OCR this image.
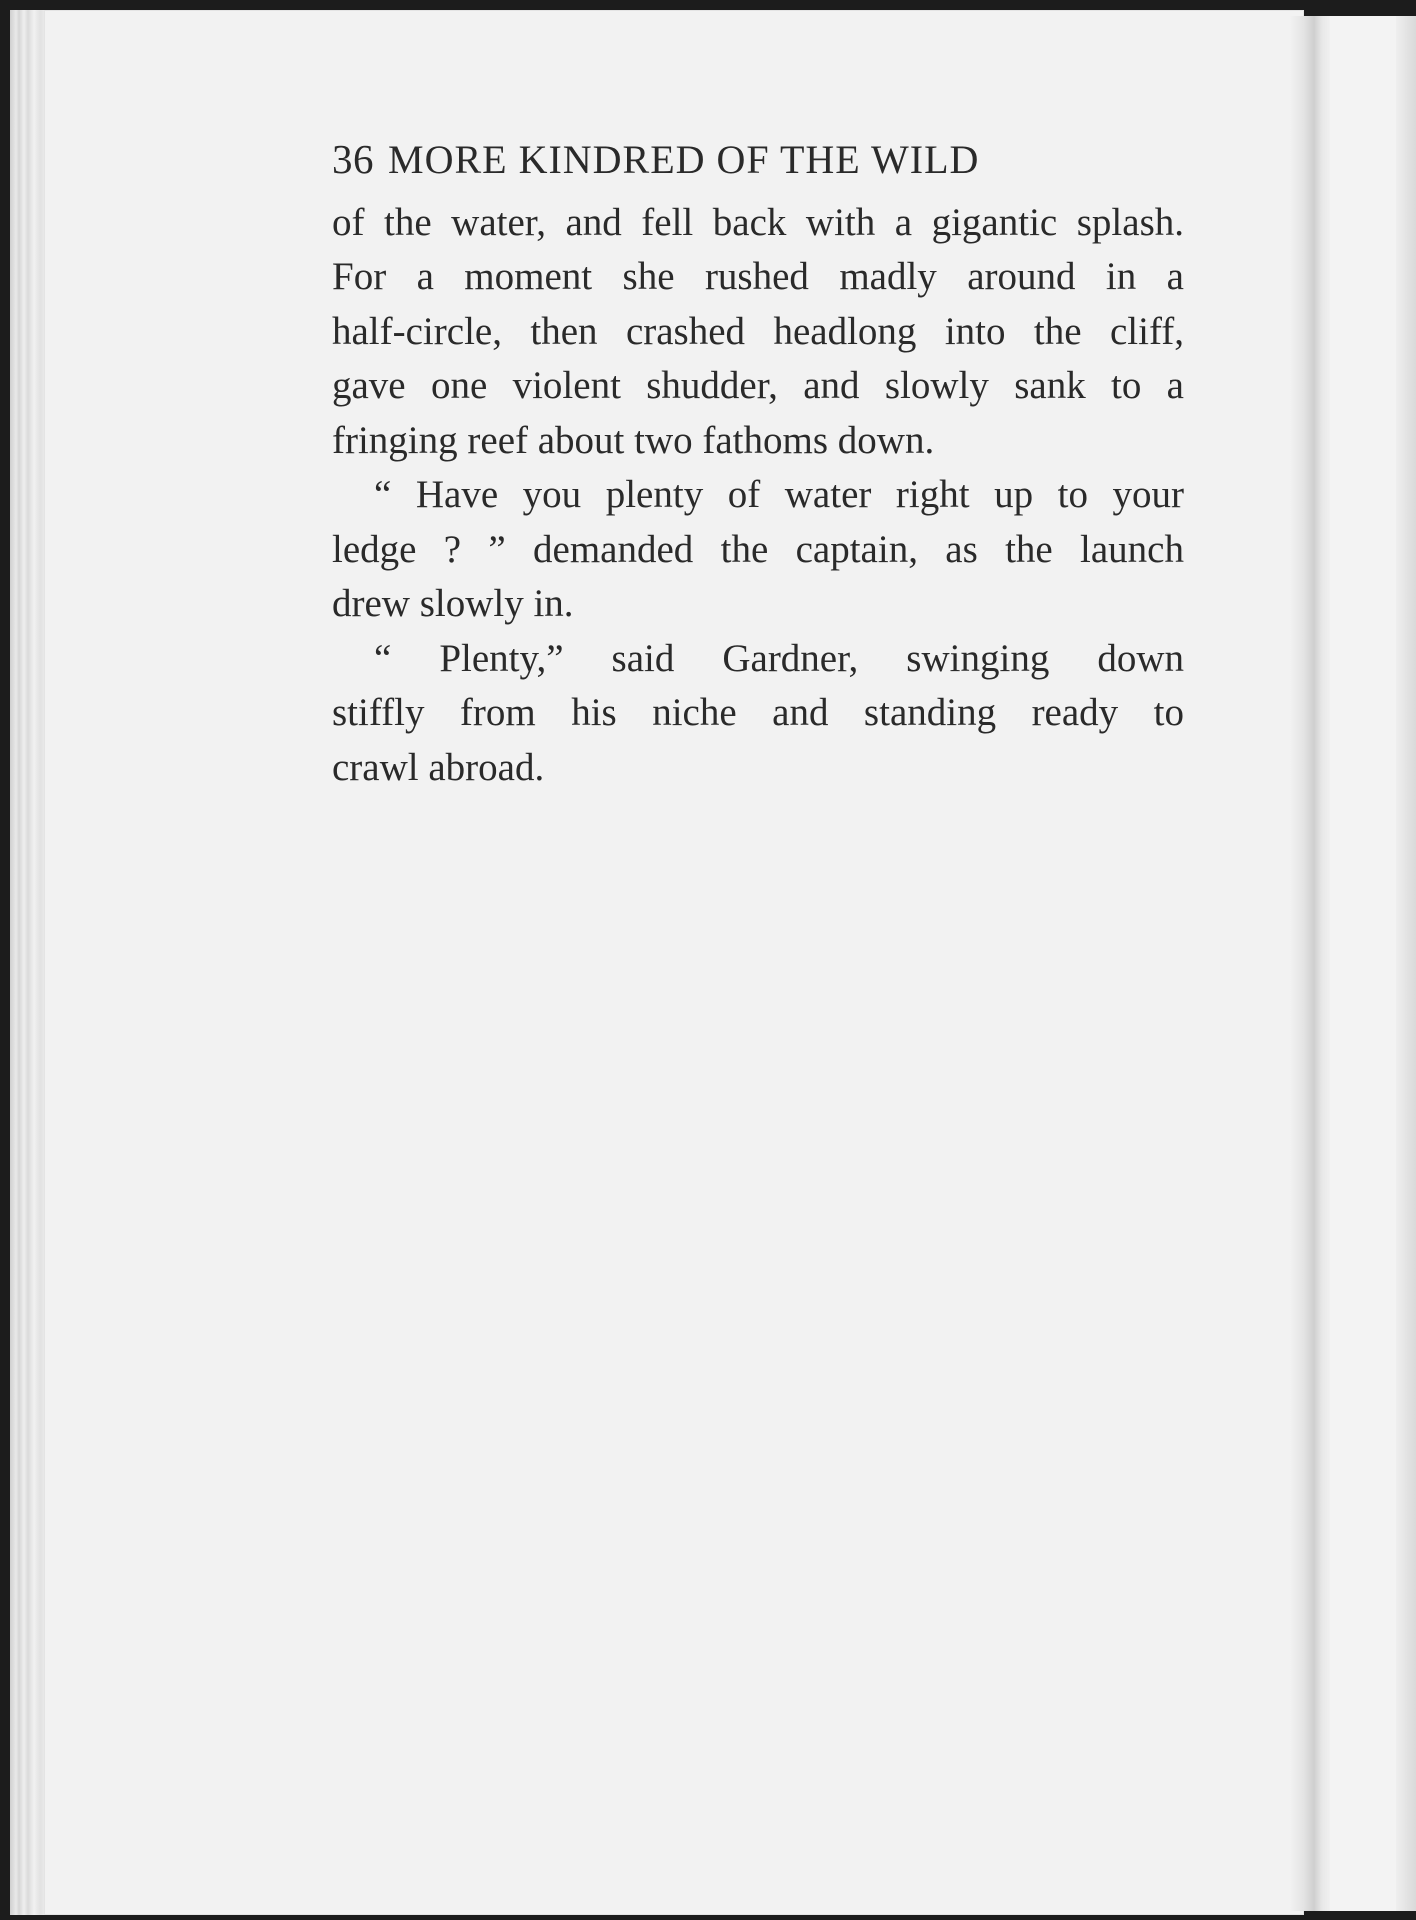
36 MORE KINDRED OF THE WILD
of the water, and fell back with a gigantic splash.
For a moment she rushed madly around in a
half-circle, then crashed headlong into the cliff,
gave one violent shudder, and slowly sank to a
fringing reef about two fathoms down.
“ Have you plenty of water right up to your
ledge ? ” demanded the captain, as the launch
drew slowly in.
“ Plenty,” said Gardner, swinging down
stiffly from his niche and standing ready to
crawl abroad.
